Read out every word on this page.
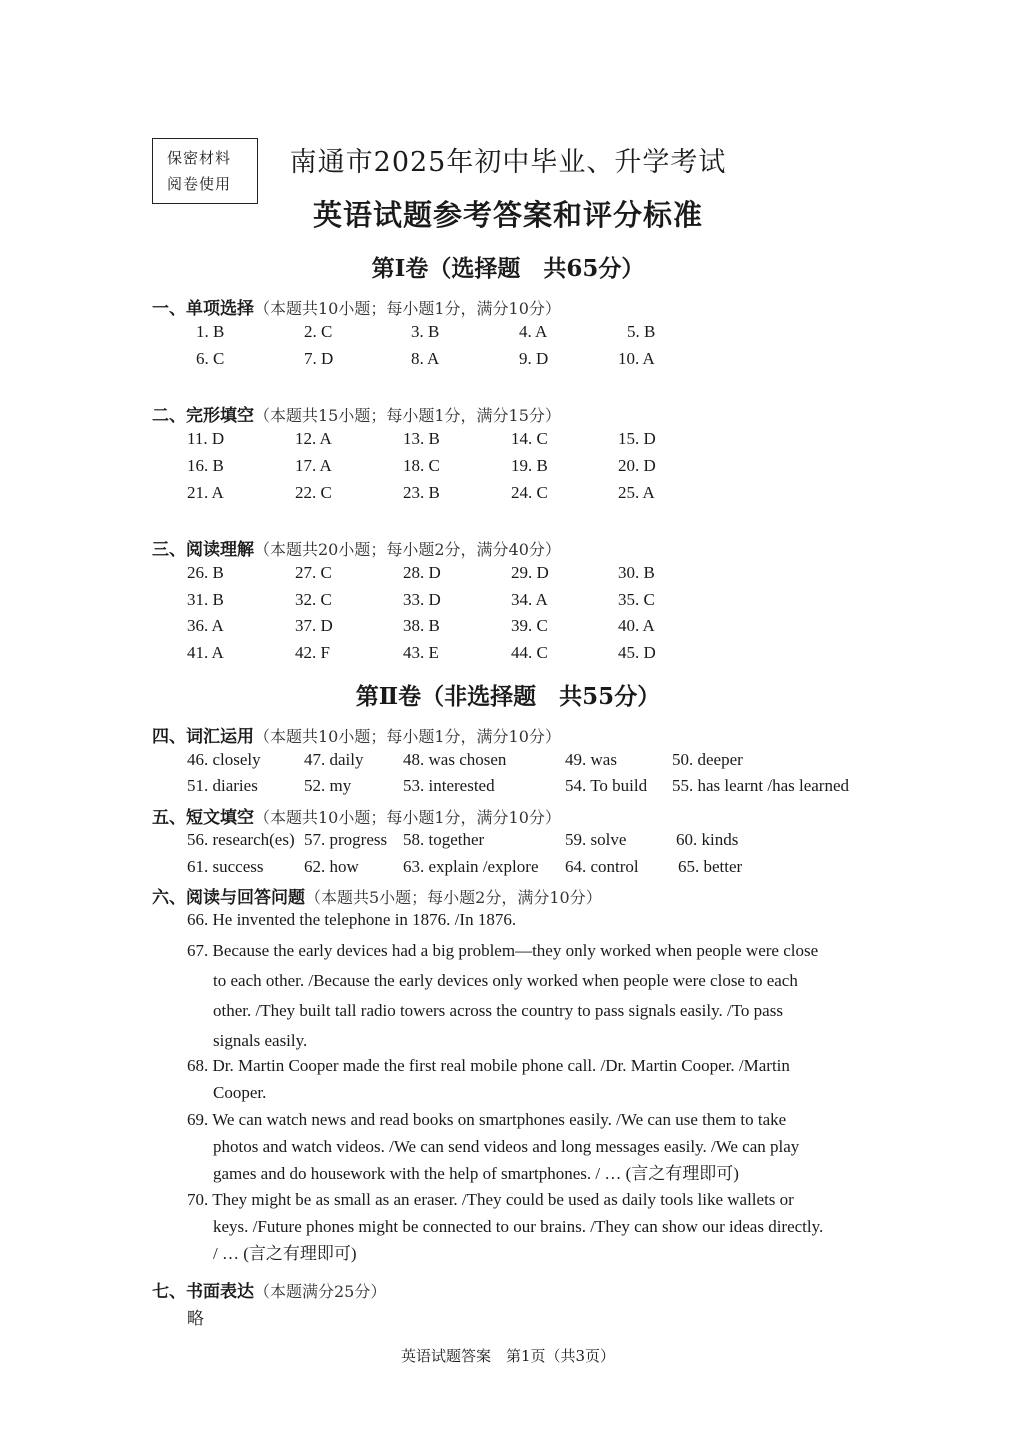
保密材料
阅卷使用
南通市2025年初中毕业、升学考试
英语试题参考答案和评分标准
第Ⅰ卷（选择题　共65分）
一、单项选择（本题共10小题；每小题1分，满分10分）
1. B	2. C	3. B	4. A	5. B
6. C	7. D	8. A	9. D	10. A
二、完形填空（本题共15小题；每小题1分，满分15分）
11. D	12. A	13. B	14. C	15. D
16. B	17. A	18. C	19. B	20. D
21. A	22. C	23. B	24. C	25. A
三、阅读理解（本题共20小题；每小题2分，满分40分）
26. B	27. C	28. D	29. D	30. B
31. B	32. C	33. D	34. A	35. C
36. A	37. D	38. B	39. C	40. A
41. A	42. F	43. E	44. C	45. D
第Ⅱ卷（非选择题　共55分）
四、词汇运用（本题共10小题；每小题1分，满分10分）
46. closely	47. daily 48. was chosen	49. was	50. deeper
51. diaries	52. my	53. interested	54. To build 55. has learnt /has learned
五、短文填空（本题共10小题；每小题1分，满分10分）
56. research(es) 57. progress 58. together	59. solve	60. kinds
61. success 62. how	63. explain /explore 64. control 65. better
六、阅读与回答问题（本题共5小题；每小题2分，满分10分）
66. He invented the telephone in 1876. /In 1876.
67. Because the early devices had a big problem—they only worked when people were close
to each other. /Because the early devices only worked when people were close to each
other. /They built tall radio towers across the country to pass signals easily. /To pass
signals easily.
68. Dr. Martin Cooper made the first real mobile phone call. /Dr. Martin Cooper. /Martin
Cooper.
69. We can watch news and read books on smartphones easily. /We can use them to take
photos and watch videos. /We can send videos and long messages easily. /We can play
games and do housework with the help of smartphones. / … (言之有理即可)
70. They might be as small as an eraser. /They could be used as daily tools like wallets or
keys. /Future phones might be connected to our brains. /They can show our ideas directly.
/ … (言之有理即可)
七、书面表达（本题满分25分）
略
英语试题答案　第1页（共3页）
